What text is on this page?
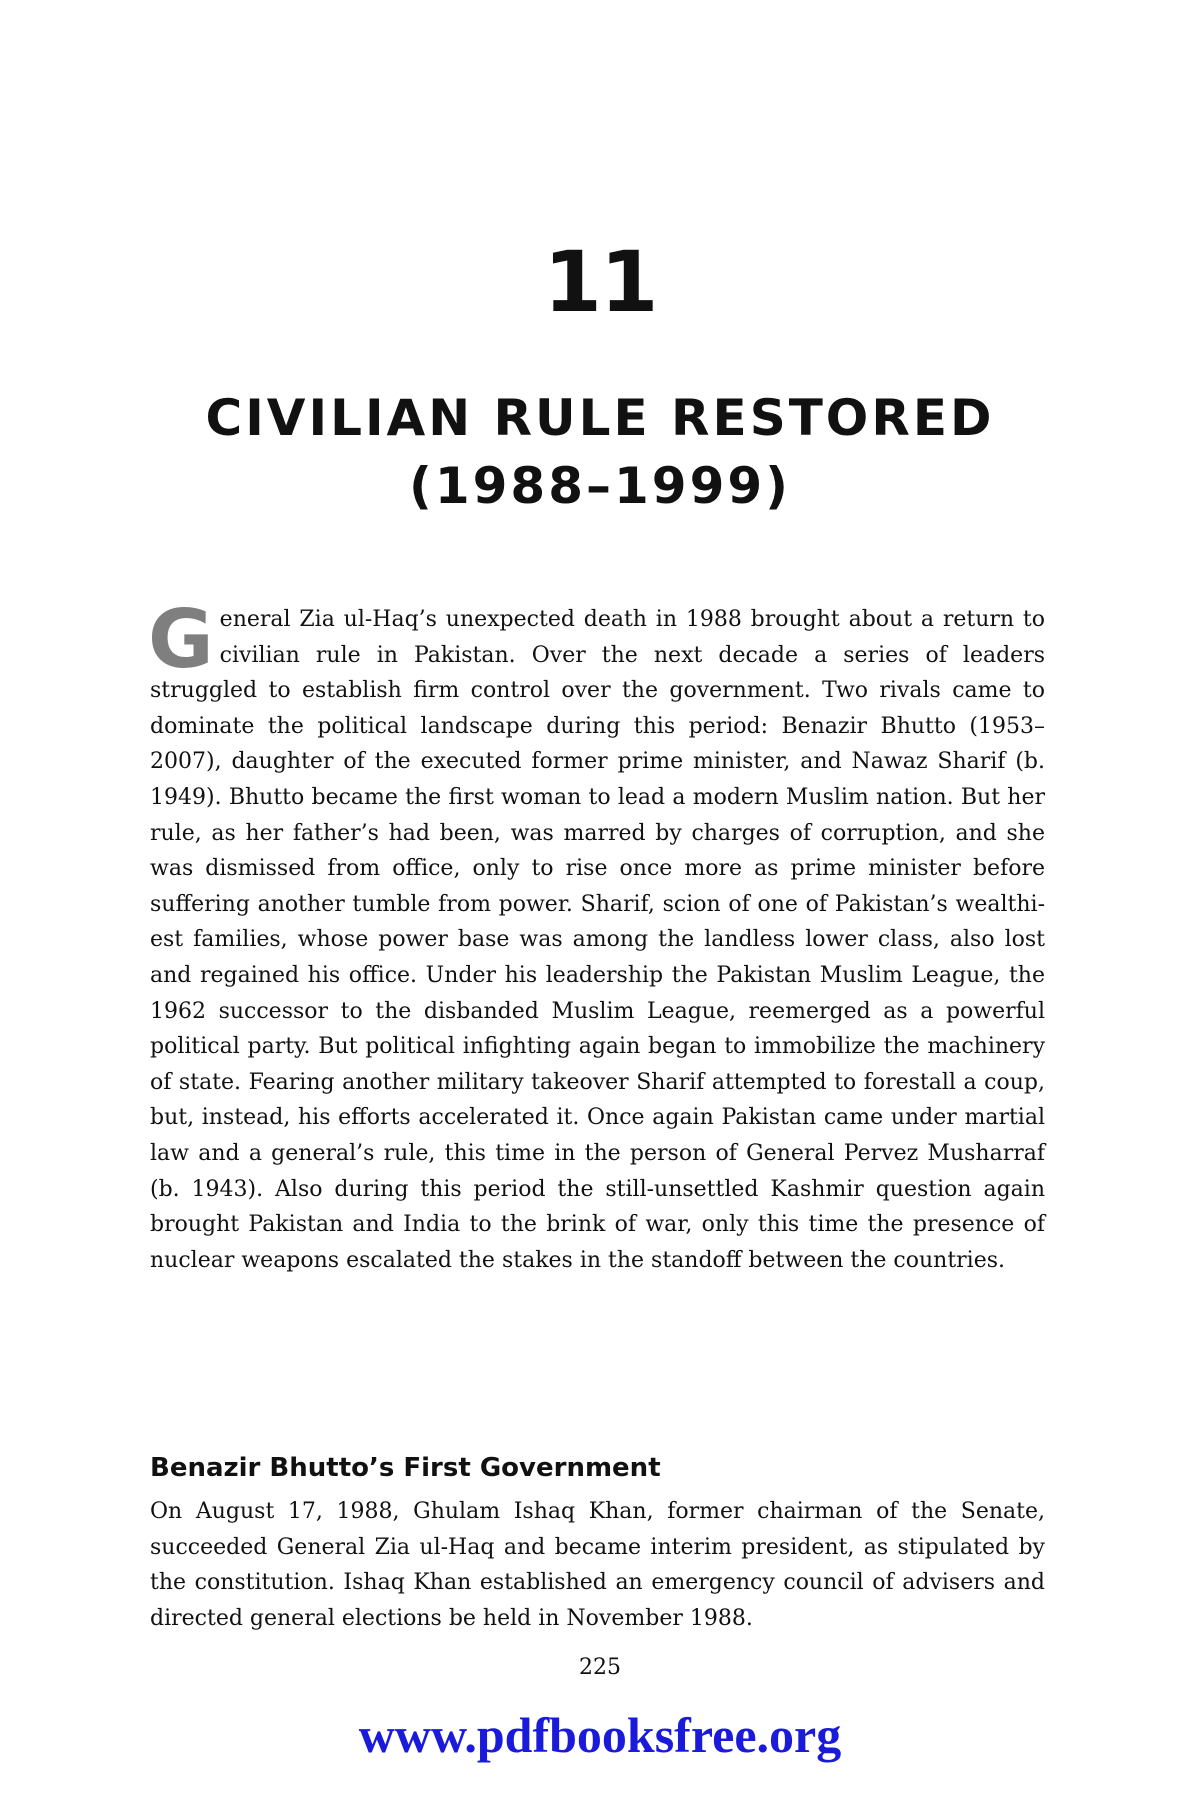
11
CIVILIAN RULE RESTORED
(1988–1999)
G eneral Zia ul-Haq’s unexpected death in 1988 brought about a return to civilian rule in Pakistan. Over the next decade a series of leaders struggled to establish firm control over the government. Two rivals came to dominate the political landscape during this period: Benazir Bhutto (1953–2007), daughter of the executed former prime minister, and Nawaz Sharif (b. 1949). Bhutto became the first woman to lead a modern Muslim nation. But her rule, as her father’s had been, was marred by charges of corruption, and she was dismissed from office, only to rise once more as prime minister before suffering another tumble from power. Sharif, scion of one of Pakistan’s wealthiest families, whose power base was among the landless lower class, also lost and regained his office. Under his leadership the Pakistan Muslim League, the 1962 successor to the disbanded Muslim League, reemerged as a powerful political party. But political infighting again began to immobilize the machinery of state. Fearing another military takeover Sharif attempted to forestall a coup, but, instead, his efforts accelerated it. Once again Pakistan came under martial law and a general’s rule, this time in the person of General Pervez Musharraf (b. 1943). Also during this period the still-unsettled Kashmir question again brought Pakistan and India to the brink of war, only this time the presence of nuclear weapons escalated the stakes in the standoff between the countries.
Benazir Bhutto’s First Government
On August 17, 1988, Ghulam Ishaq Khan, former chairman of the Senate, succeeded General Zia ul-Haq and became interim president, as stipulated by the constitution. Ishaq Khan established an emergency council of advisers and directed general elections be held in November 1988.
225
www.pdfbooksfree.org
